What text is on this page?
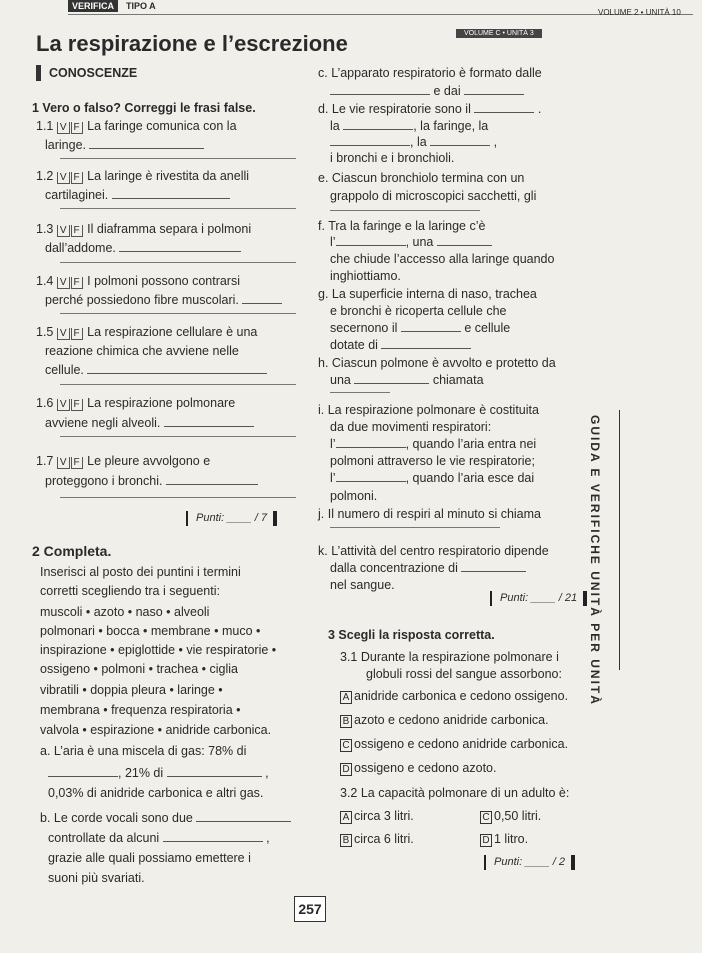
VERIFICA	TIPO A
VOLUME 2 • UNITÀ 10
VOLUME C • UNITÀ 3
La respirazione e l’escrezione
CONOSCENZE
1 Vero o falso? Correggi le frasi false.
1.1 V F La faringe comunica con la
laringe.
1.2 V F La laringe è rivestita da anelli
cartilaginei.
1.3 V F Il diaframma separa i polmoni
dall’addome.
1.4 V F I polmoni possono contrarsi
perché possiedono fibre muscolari.
1.5 V F La respirazione cellulare è una
reazione chimica che avviene nelle
cellule.
1.6 V F La respirazione polmonare
avviene negli alveoli.
1.7 V F Le pleure avvolgono e
proteggono i bronchi.
Punti: ____ / 7
2 Completa.
Inserisci al posto dei puntini i termini
corretti scegliendo tra i seguenti:
muscoli • azoto • naso • alveoli
polmonari • bocca • membrane • muco •
inspirazione • epiglottide • vie respiratorie •
ossigeno • polmoni • trachea • ciglia
vibratili • doppia pleura • laringe •
membrana • frequenza respiratoria •
valvola • espirazione • anidride carbonica.
a. L’aria è una miscela di gas: 78% di
, 21% di	,
0,03% di anidride carbonica e altri gas.
b. Le corde vocali sono due
controllate da alcuni	,
grazie alle quali possiamo emettere i
suoni più svariati.
c. L’apparato respiratorio è formato dalle
e dai
d. Le vie respiratorie sono il	.
la	, la faringe, la
, la	,
i bronchi e i bronchioli.
e. Ciascun bronchiolo termina con un
grappolo di microscopici sacchetti, gli
f. Tra la faringe e la laringe c’è
l’	, una
che chiude l’accesso alla laringe quando
inghiottiamo.
g. La superficie interna di naso, trachea
e bronchi è ricoperta cellule che
secernono il	e cellule
dotate di
h. Ciascun polmone è avvolto e protetto da
una	chiamata
i. La respirazione polmonare è costituita
da due movimenti respiratori:
l’	, quando l’aria entra nei
polmoni attraverso le vie respiratorie;
l’	, quando l’aria esce dai
polmoni.
j. Il numero di respiri al minuto si chiama
k. L’attività del centro respiratorio dipende
dalla concentrazione di
nel sangue.
Punti: ____ / 21
3 Scegli la risposta corretta.
3.1 Durante la respirazione polmonare i
globuli rossi del sangue assorbono:
A anidride carbonica e cedono ossigeno.
B azoto e cedono anidride carbonica.
C ossigeno e cedono anidride carbonica.
D ossigeno e cedono azoto.
3.2 La capacità polmonare di un adulto è:
A circa 3 litri.	C 0,50 litri.
B circa 6 litri.	D 1 litro.
Punti: ____ / 2
GUIDA E VERIFICHE UNITÀ PER UNITÀ
257
